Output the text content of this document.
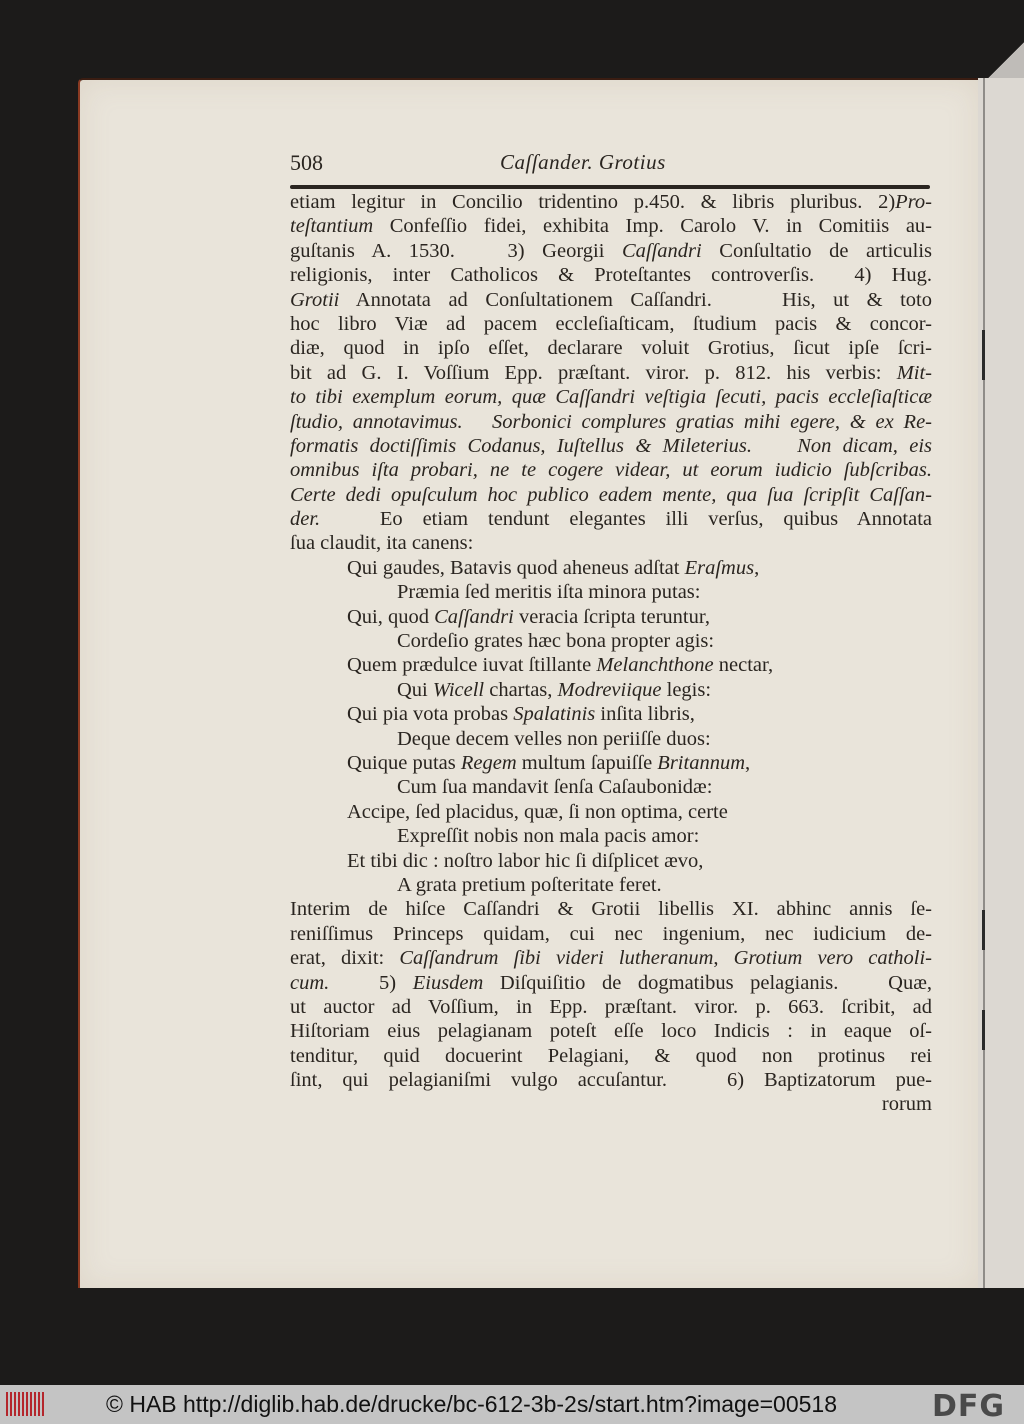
508	Caſſander. Grotius
etiam legitur in Concilio tridentino p.450. & libris pluribus. 2)Pro-
teſtantium Confeſſio fidei, exhibita Imp. Carolo V. in Comitiis au-
guſtanis A. 1530.   3) Georgii Caſſandri Conſultatio de articulis
religionis, inter Catholicos & Proteſtantes controverſis.  4) Hug.
Grotii Annotata ad Conſultationem Caſſandri.    His, ut & toto
hoc libro Viæ ad pacem eccleſiaſticam, ſtudium pacis & concor-
diæ, quod in ipſo eſſet, declarare voluit Grotius, ſicut ipſe ſcri-
bit ad G. I. Voſſium Epp. præſtant. viror. p. 812. his verbis: Mit-
to tibi exemplum eorum, quæ Caſſandri veſtigia ſecuti, pacis eccleſiaſticæ
ſtudio, annotavimus.   Sorbonici complures gratias mihi egere, & ex Re-
formatis doctiſſimis Codanus, Iuſtellus & Mileterius.    Non dicam, eis
omnibus iſta probari, ne te cogere videar, ut eorum iudicio ſubſcribas.
Certe dedi opuſculum hoc publico eadem mente, qua ſua ſcripſit Caſſan-
der.   Eo etiam tendunt elegantes illi verſus, quibus Annotata
ſua claudit, ita canens:
Qui gaudes, Batavis quod aheneus adſtat Eraſmus,
Præmia ſed meritis iſta minora putas:
Qui, quod Caſſandri veracia ſcripta teruntur,
Cordeſio grates hæc bona propter agis:
Quem prædulce iuvat ſtillante Melanchthone nectar,
Qui Wicell chartas, Modreviique legis:
Qui pia vota probas Spalatinis inſita libris,
Deque decem velles non periiſſe duos:
Quique putas Regem multum ſapuiſſe Britannum,
Cum ſua mandavit ſenſa Caſaubonidæ:
Accipe, ſed placidus, quæ, ſi non optima, certe
Expreſſit nobis non mala pacis amor:
Et tibi dic : noſtro labor hic ſi diſplicet ævo,
A grata pretium poſteritate feret.
Interim de hiſce Caſſandri & Grotii libellis XI. abhinc annis ſe-
reniſſimus Princeps quidam, cui nec ingenium, nec iudicium de-
erat, dixit: Caſſandrum ſibi videri lutheranum, Grotium vero catholi-
cum.   5) Eiusdem Diſquiſitio de dogmatibus pelagianis.   Quæ,
ut auctor ad Voſſium, in Epp. præſtant. viror. p. 663. ſcribit, ad
Hiſtoriam eius pelagianam poteſt eſſe loco Indicis : in eaque oſ-
tenditur, quid docuerint Pelagiani, & quod non protinus rei
ſint, qui pelagianiſmi vulgo accuſantur.   6) Baptizatorum pue-
rorum
© HAB http://diglib.hab.de/drucke/bc-612-3b-2s/start.htm?image=00518	DFG
